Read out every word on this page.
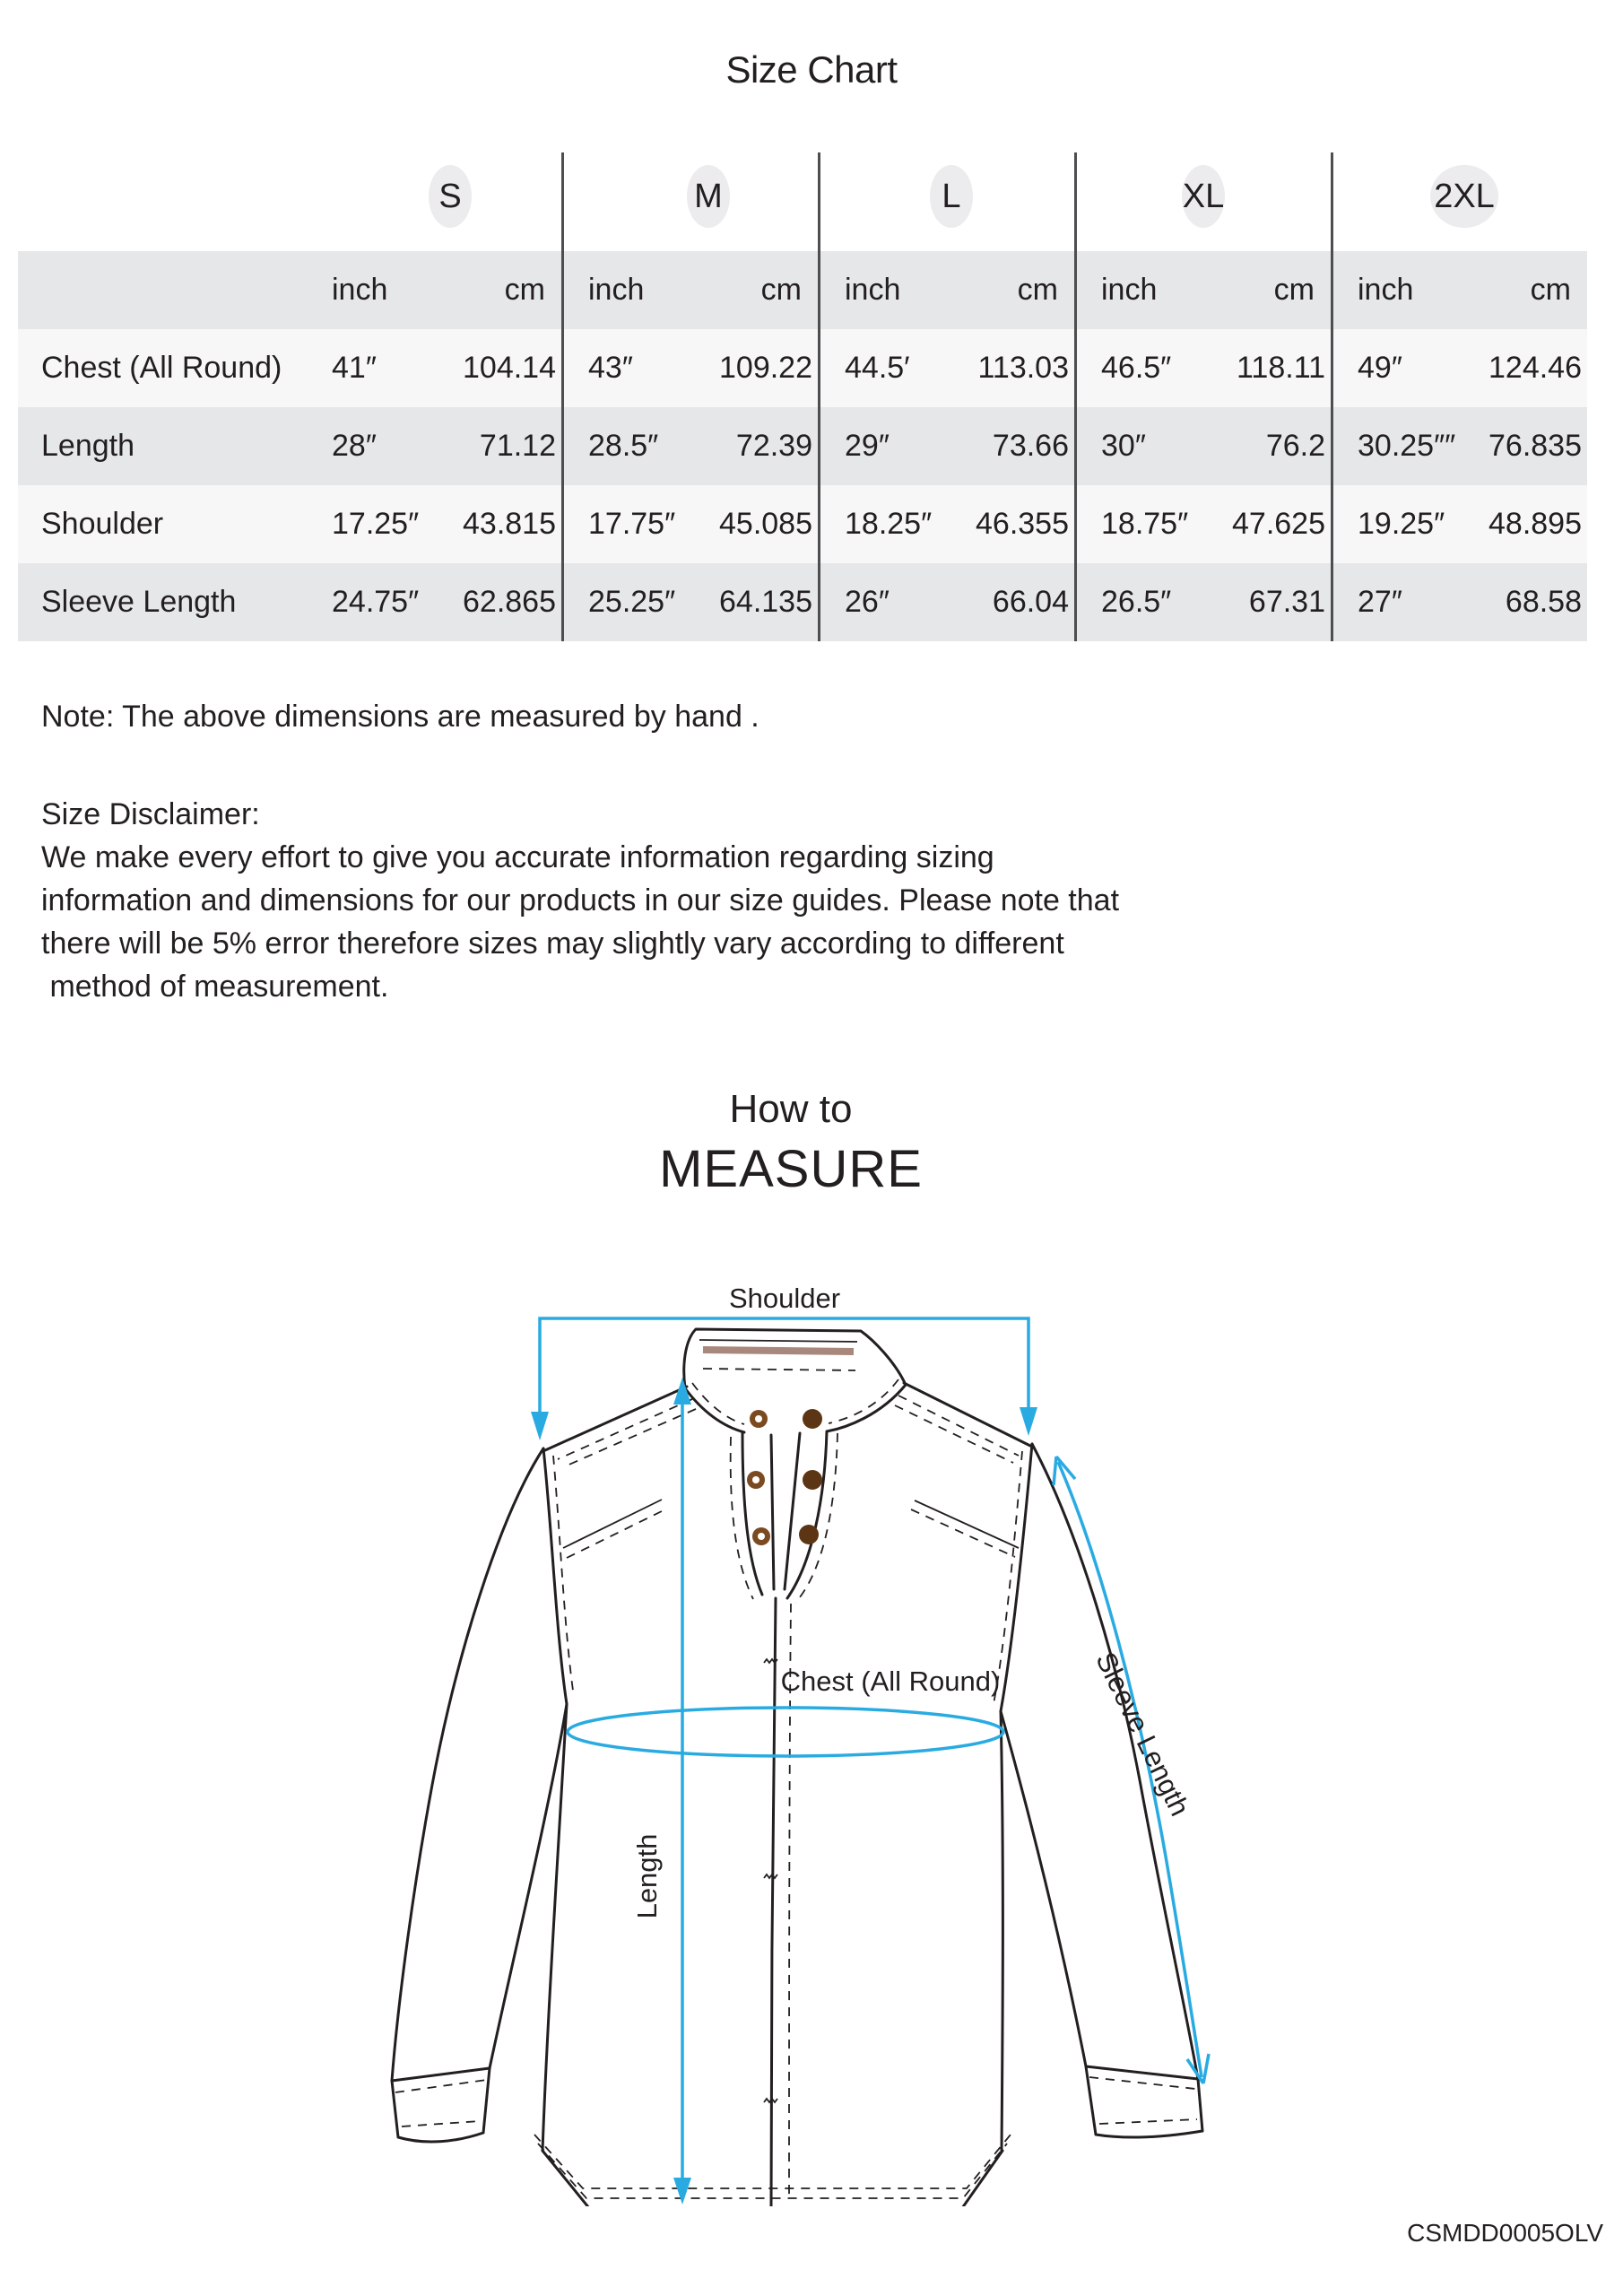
Size Chart
S	M	L	XL	2XL
inch	cm	inch	cm	inch	cm	inch	cm	inch	cm
Chest (All Round)	41″	104.14	43″	109.22	44.5′	113.03	46.5″	118.11	49″	124.46
Length	28″	71.12	28.5″	72.39	29″	73.66	30″	76.2	30.25″″	76.835
Shoulder	17.25″	43.815	17.75″	45.085	18.25″	46.355	18.75″	47.625	19.25″	48.895
Sleeve Length	24.75″	62.865	25.25″	64.135	26″	66.04	26.5″	67.31	27″	68.58
Note: The above dimensions are measured by hand .
Size Disclaimer:
We make every effort to give you accurate information regarding sizing
information and dimensions for our products in our size guides. Please note that
there will be 5% error therefore sizes may slightly vary according to different
method of measurement.
How to
MEASURE
Shoulder
Length
Chest (All Round)	Sleeve Length
CSMDD0005OLV
